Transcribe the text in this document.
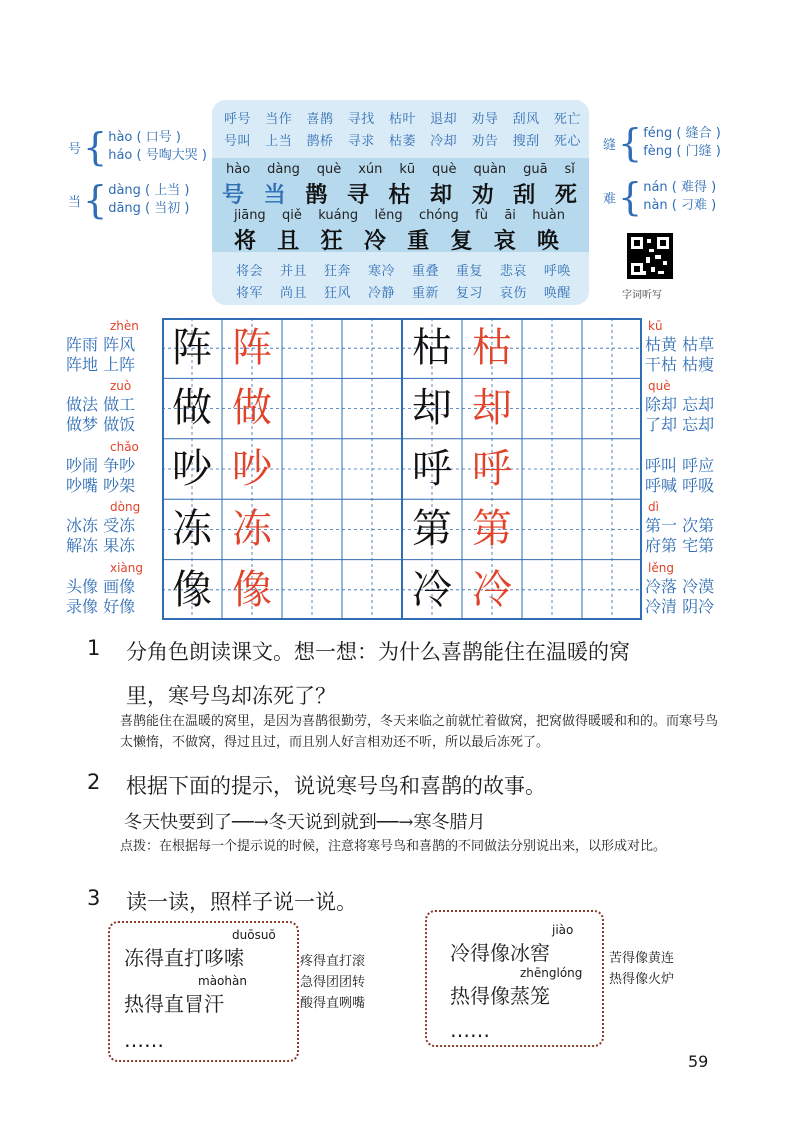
号 { hào ( 口号 )
háo ( 号啕大哭 )
当 { dàng ( 上当 )
dāng ( 当初 )
缝 { féng ( 缝合 )
fèng ( 门缝 )
难 { nán ( 难得 )
nàn ( 刁难 )
呼号 当作 喜鹊 寻找 枯叶 退却 劝导 刮风 死亡
号叫 上当 鹊桥 寻求 枯萎 冷却 劝告 搜刮 死心
hào dàng què xún kū què quàn guā sǐ
号 当 鹊 寻 枯 却 劝 刮 死
jiāng qiě kuáng lěng chóng fù āi huàn
将 且 狂 冷 重 复 哀 唤
将会 并且 狂奔 寒冷 重叠 重复 悲哀 呼唤
将军 尚且 狂风 冷静 重新 复习 哀伤 唤醒	字词听写
阵 阵
做 做
吵 吵
冻 冻
像 像
枯 枯
却 却
呼 呼
第 第
冷 冷
zhèn
阵雨 阵风
阵地 上阵
zuò
做法 做工
做梦 做饭
chǎo
吵闹 争吵
吵嘴 吵架
dòng
冰冻 受冻
解冻 果冻
xiàng
头像 画像
录像 好像
kū
枯黄 枯草
干枯 枯瘦
què
除却 忘却
了却 忘却
呼叫 呼应
呼喊 呼吸
dì
第一 次第
府第 宅第
lěng
冷落 冷漠
冷清 阴冷
1 分角色朗读课文。想一想：为什么喜鹊能住在温暖的窝
里，寒号鸟却冻死了？
喜鹊能住在温暖的窝里，是因为喜鹊很勤劳，冬天来临之前就忙着做窝，把窝做得暖暖和和的。而寒号鸟太懒惰，不做窝，得过且过，而且别人好言相劝还不听，所以最后冻死了。
2 根据下面的提示，说说寒号鸟和喜鹊的故事。
冬天快要到了──→冬天说到就到──→寒冬腊月
点拨：在根据每一个提示说的时候，注意将寒号鸟和喜鹊的不同做法分别说出来，以形成对比。
3 读一读，照样子说一说。
duōsuō
冻得直打哆嗦
màohàn
热得直冒汗
……
疼得直打滚
急得团团转
酸得直咧嘴
jiào
冷得像冰窖
zhēnglóng
热得像蒸笼
……
苦得像黄连
热得像火炉
59
